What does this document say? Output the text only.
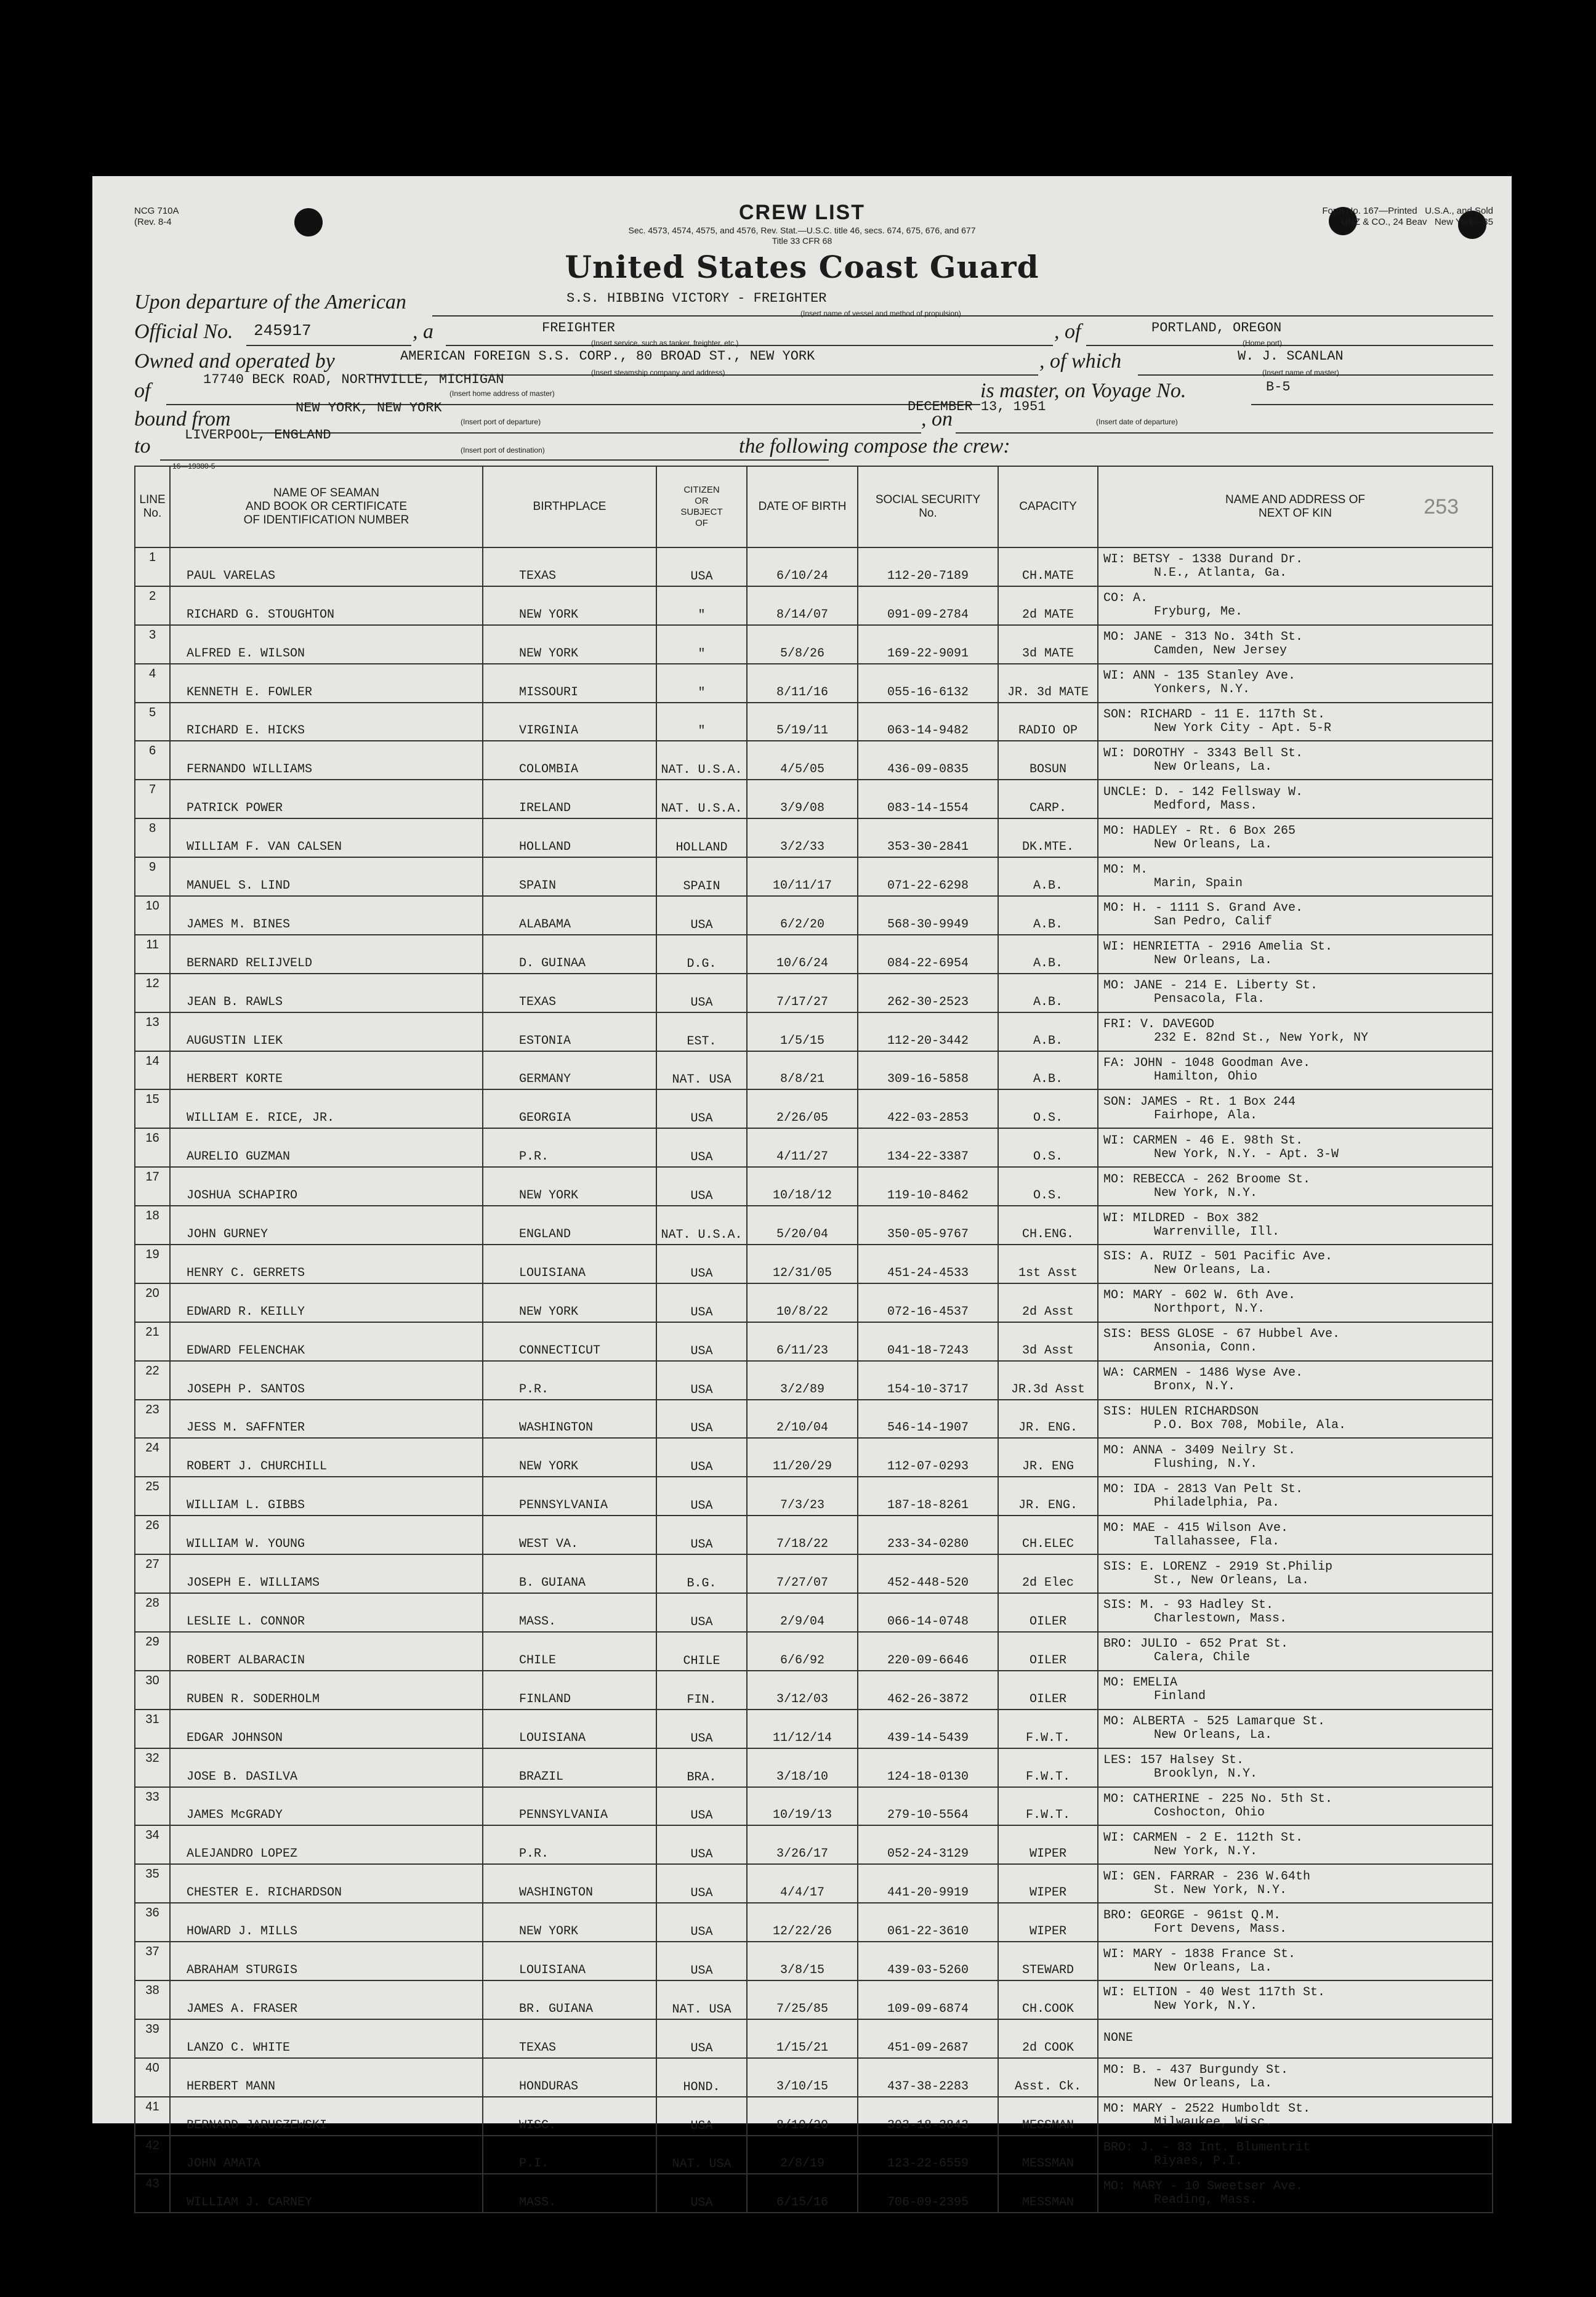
NCG 710A
(Rev. 8-4
Form No. 167—Printed   U.S.A., and Sold
UNZ & CO., 24 Beav   New York—35
CREW LIST
Sec. 4573, 4574, 4575, and 4576, Rev. Stat.—U.S.C. title 46, secs. 674, 675, 676, and 677
Title 33 CFR 68
United States Coast Guard
Upon departure of the American	S.S. HIBBING VICTORY - FREIGHTER
(Insert name of vessel and method of propulsion)
Official No. 245917	, a	FREIGHTER
(Insert service, such as tanker, freighter, etc.)	, of	PORTLAND, OREGON
(Home port)
Owned and operated by	AMERICAN FOREIGN S.S. CORP., 80 BROAD ST., NEW YORK
(Insert steamship company and address)	, of which	W. J. SCANLAN
(Insert name of master)
of	17740 BECK ROAD, NORTHVILLE, MICHIGAN
(Insert home address of master)	is master, on Voyage No.	B-5
bound from	NEW YORK, NEW YORK
(Insert port of departure)	, on
DECEMBER 13, 1951
(Insert date of departure)
to	LIVERPOOL, ENGLAND
(Insert port of destination)	the following compose the crew:
16—19380-5
253
LINE
No.	NAME OF SEAMAN
AND BOOK OR CERTIFICATE
OF IDENTIFICATION NUMBER	BIRTHPLACE	CITIZEN
OR
SUBJECT
OF	DATE OF BIRTH	SOCIAL SECURITY
No.	CAPACITY	NAME AND ADDRESS OF
NEXT OF KIN
1	PAUL VARELAS	TEXAS	USA	6/10/24	112-20-7189	CH.MATE	WI: BETSY - 1338 Durand Dr.
N.E., Atlanta, Ga.

2	RICHARD G. STOUGHTON	NEW YORK	"	8/14/07	091-09-2784	2d MATE	CO: A.
Fryburg, Me.

3	ALFRED E. WILSON	NEW YORK	"	5/8/26	169-22-9091	3d MATE	MO: JANE - 313 No. 34th St.
Camden, New Jersey

4	KENNETH E. FOWLER	MISSOURI	"	8/11/16	055-16-6132	JR. 3d MATE	WI: ANN - 135 Stanley Ave.
Yonkers, N.Y.

5	RICHARD E. HICKS	VIRGINIA	"	5/19/11	063-14-9482	RADIO OP	SON: RICHARD - 11 E. 117th St.
New York City - Apt. 5-R

6	FERNANDO WILLIAMS	COLOMBIA	NAT. U.S.A.	4/5/05	436-09-0835	BOSUN	WI: DOROTHY - 3343 Bell St.
New Orleans, La.

7	PATRICK POWER	IRELAND	NAT. U.S.A.	3/9/08	083-14-1554	CARP.	UNCLE: D. - 142 Fellsway W.
Medford, Mass.

8	WILLIAM F. VAN CALSEN	HOLLAND	HOLLAND	3/2/33	353-30-2841	DK.MTE.	MO: HADLEY - Rt. 6 Box 265
New Orleans, La.

9	MANUEL S. LIND	SPAIN	SPAIN	10/11/17	071-22-6298	A.B.	MO: M.
Marin, Spain

10	JAMES M. BINES	ALABAMA	USA	6/2/20	568-30-9949	A.B.	MO: H. - 1111 S. Grand Ave.
San Pedro, Calif

11	BERNARD RELIJVELD	D. GUINAA	D.G.	10/6/24	084-22-6954	A.B.	WI: HENRIETTA - 2916 Amelia St.
New Orleans, La.

12	JEAN B. RAWLS	TEXAS	USA	7/17/27	262-30-2523	A.B.	MO: JANE - 214 E. Liberty St.
Pensacola, Fla.

13	AUGUSTIN LIEK	ESTONIA	EST.	1/5/15	112-20-3442	A.B.	FRI: V. DAVEGOD
232 E. 82nd St., New York, NY

14	HERBERT KORTE	GERMANY	NAT. USA	8/8/21	309-16-5858	A.B.	FA: JOHN - 1048 Goodman Ave.
Hamilton, Ohio

15	WILLIAM E. RICE, JR.	GEORGIA	USA	2/26/05	422-03-2853	O.S.	SON: JAMES - Rt. 1 Box 244
Fairhope, Ala.

16	AURELIO GUZMAN	P.R.	USA	4/11/27	134-22-3387	O.S.	WI: CARMEN - 46 E. 98th St.
New York, N.Y. - Apt. 3-W

17	JOSHUA SCHAPIRO	NEW YORK	USA	10/18/12	119-10-8462	O.S.	MO: REBECCA - 262 Broome St.
New York, N.Y.

18	JOHN GURNEY	ENGLAND	NAT. U.S.A.	5/20/04	350-05-9767	CH.ENG.	WI: MILDRED - Box 382
Warrenville, Ill.

19	HENRY C. GERRETS	LOUISIANA	USA	12/31/05	451-24-4533	1st Asst	SIS: A. RUIZ - 501 Pacific Ave.
New Orleans, La.

20	EDWARD R. KEILLY	NEW YORK	USA	10/8/22	072-16-4537	2d Asst	MO: MARY - 602 W. 6th Ave.
Northport, N.Y.

21	EDWARD FELENCHAK	CONNECTICUT	USA	6/11/23	041-18-7243	3d Asst	SIS: BESS GLOSE - 67 Hubbel Ave.
Ansonia, Conn.

22	JOSEPH P. SANTOS	P.R.	USA	3/2/89	154-10-3717	JR.3d Asst	WA: CARMEN - 1486 Wyse Ave.
Bronx, N.Y.

23	JESS M. SAFFNTER	WASHINGTON	USA	2/10/04	546-14-1907	JR. ENG.	SIS: HULEN RICHARDSON
P.O. Box 708, Mobile, Ala.

24	ROBERT J. CHURCHILL	NEW YORK	USA	11/20/29	112-07-0293	JR. ENG	MO: ANNA - 3409 Neilry St.
Flushing, N.Y.

25	WILLIAM L. GIBBS	PENNSYLVANIA	USA	7/3/23	187-18-8261	JR. ENG.	MO: IDA - 2813 Van Pelt St.
Philadelphia, Pa.

26	WILLIAM W. YOUNG	WEST VA.	USA	7/18/22	233-34-0280	CH.ELEC	MO: MAE - 415 Wilson Ave.
Tallahassee, Fla.

27	JOSEPH E. WILLIAMS	B. GUIANA	B.G.	7/27/07	452-448-520	2d Elec	SIS: E. LORENZ - 2919 St.Philip
St., New Orleans, La.

28	LESLIE L. CONNOR	MASS.	USA	2/9/04	066-14-0748	OILER	SIS: M. - 93 Hadley St.
Charlestown, Mass.

29	ROBERT ALBARACIN	CHILE	CHILE	6/6/92	220-09-6646	OILER	BRO: JULIO - 652 Prat St.
Calera, Chile

30	RUBEN R. SODERHOLM	FINLAND	FIN.	3/12/03	462-26-3872	OILER	MO: EMELIA
Finland

31	EDGAR JOHNSON	LOUISIANA	USA	11/12/14	439-14-5439	F.W.T.	MO: ALBERTA - 525 Lamarque St.
New Orleans, La.

32	JOSE B. DASILVA	BRAZIL	BRA.	3/18/10	124-18-0130	F.W.T.	LES: 157 Halsey St.
Brooklyn, N.Y.

33	JAMES McGRADY	PENNSYLVANIA	USA	10/19/13	279-10-5564	F.W.T.	MO: CATHERINE - 225 No. 5th St.
Coshocton, Ohio

34	ALEJANDRO LOPEZ	P.R.	USA	3/26/17	052-24-3129	WIPER	WI: CARMEN - 2 E. 112th St.
New York, N.Y.

35	CHESTER E. RICHARDSON	WASHINGTON	USA	4/4/17	441-20-9919	WIPER	WI: GEN. FARRAR - 236 W.64th
St. New York, N.Y.

36	HOWARD J. MILLS	NEW YORK	USA	12/22/26	061-22-3610	WIPER	BRO: GEORGE - 961st Q.M.
Fort Devens, Mass.

37	ABRAHAM STURGIS	LOUISIANA	USA	3/8/15	439-03-5260	STEWARD	WI: MARY - 1838 France St.
New Orleans, La.

38	JAMES A. FRASER	BR. GUIANA	NAT. USA	7/25/85	109-09-6874	CH.COOK	WI: ELTION - 40 West 117th St.
New York, N.Y.

39	LANZO C. WHITE	TEXAS	USA	1/15/21	451-09-2687	2d COOK	NONE

40	HERBERT MANN	HONDURAS	HOND.	3/10/15	437-38-2283	Asst. Ck.	MO: B. - 437 Burgundy St.
New Orleans, La.

41	BERNARD JARUSZEWSKI	WISC.	USA	8/19/20	393-18-3843	MESSMAN	MO: MARY - 2522 Humboldt St.
Milwaukee, Wisc.

42	JOHN AMATA	P.I.	NAT. USA	2/8/19	123-22-6559	MESSMAN	BRO: J. - 83 Int. Blumentrit
Riyaes, P.I.

43	WILLIAM J. CARNEY	MASS.	USA	6/15/16	706-09-2395	MESSMAN	MO: MARY - 10 Sweetser Ave.
Reading, Mass.
